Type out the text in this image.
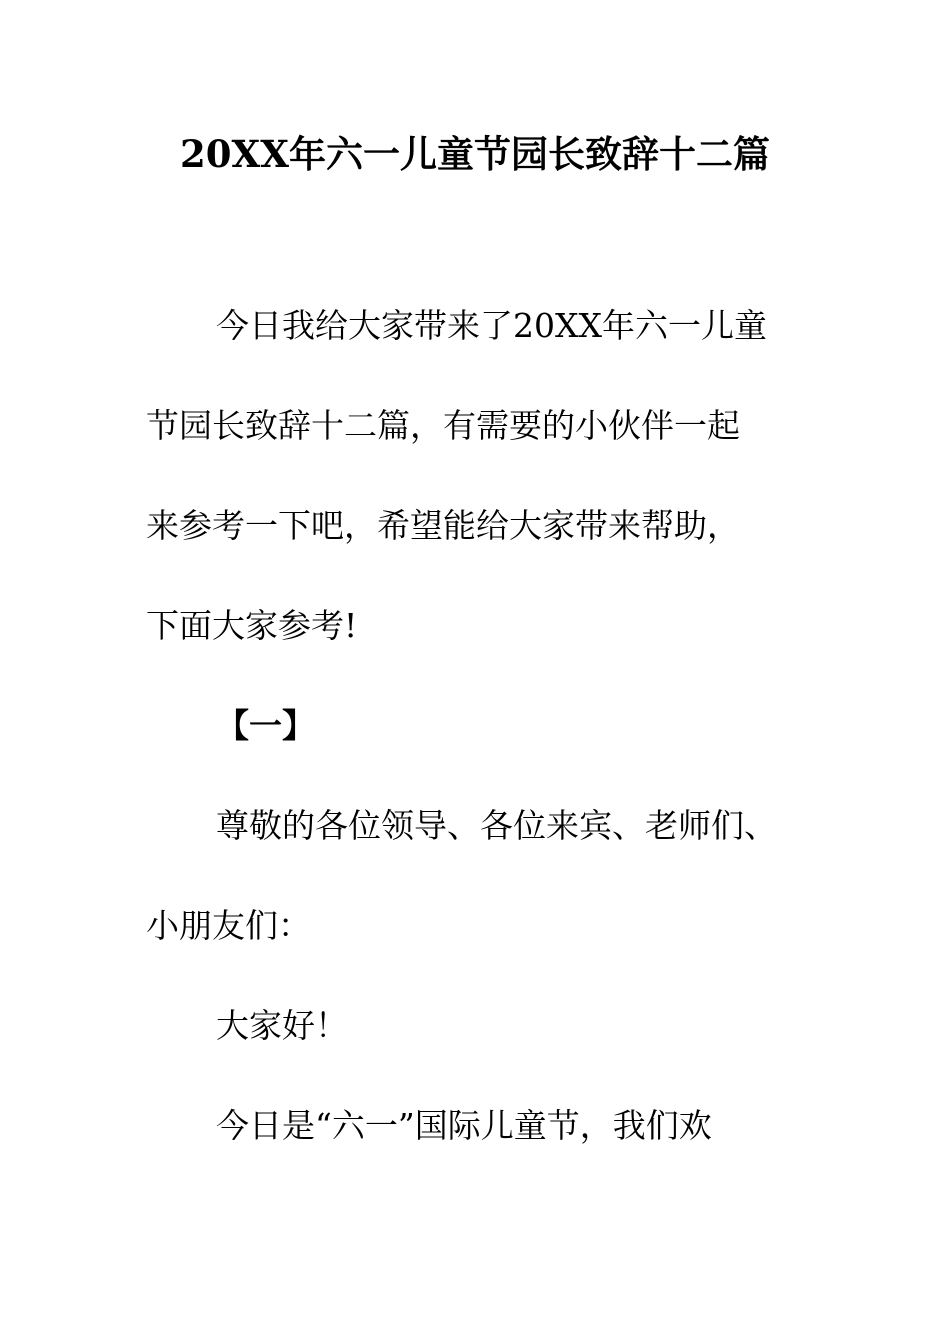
20XX年六一儿童节园长致辞十二篇
今日我给大家带来了20XX年六一儿童
节园长致辞十二篇，有需要的小伙伴一起
来参考一下吧，希望能给大家带来帮助，
下面大家参考!
【一】
尊敬的各位领导、各位来宾、老师们、
小朋友们：
大家好！
今日是“六一”国际儿童节，我们欢
